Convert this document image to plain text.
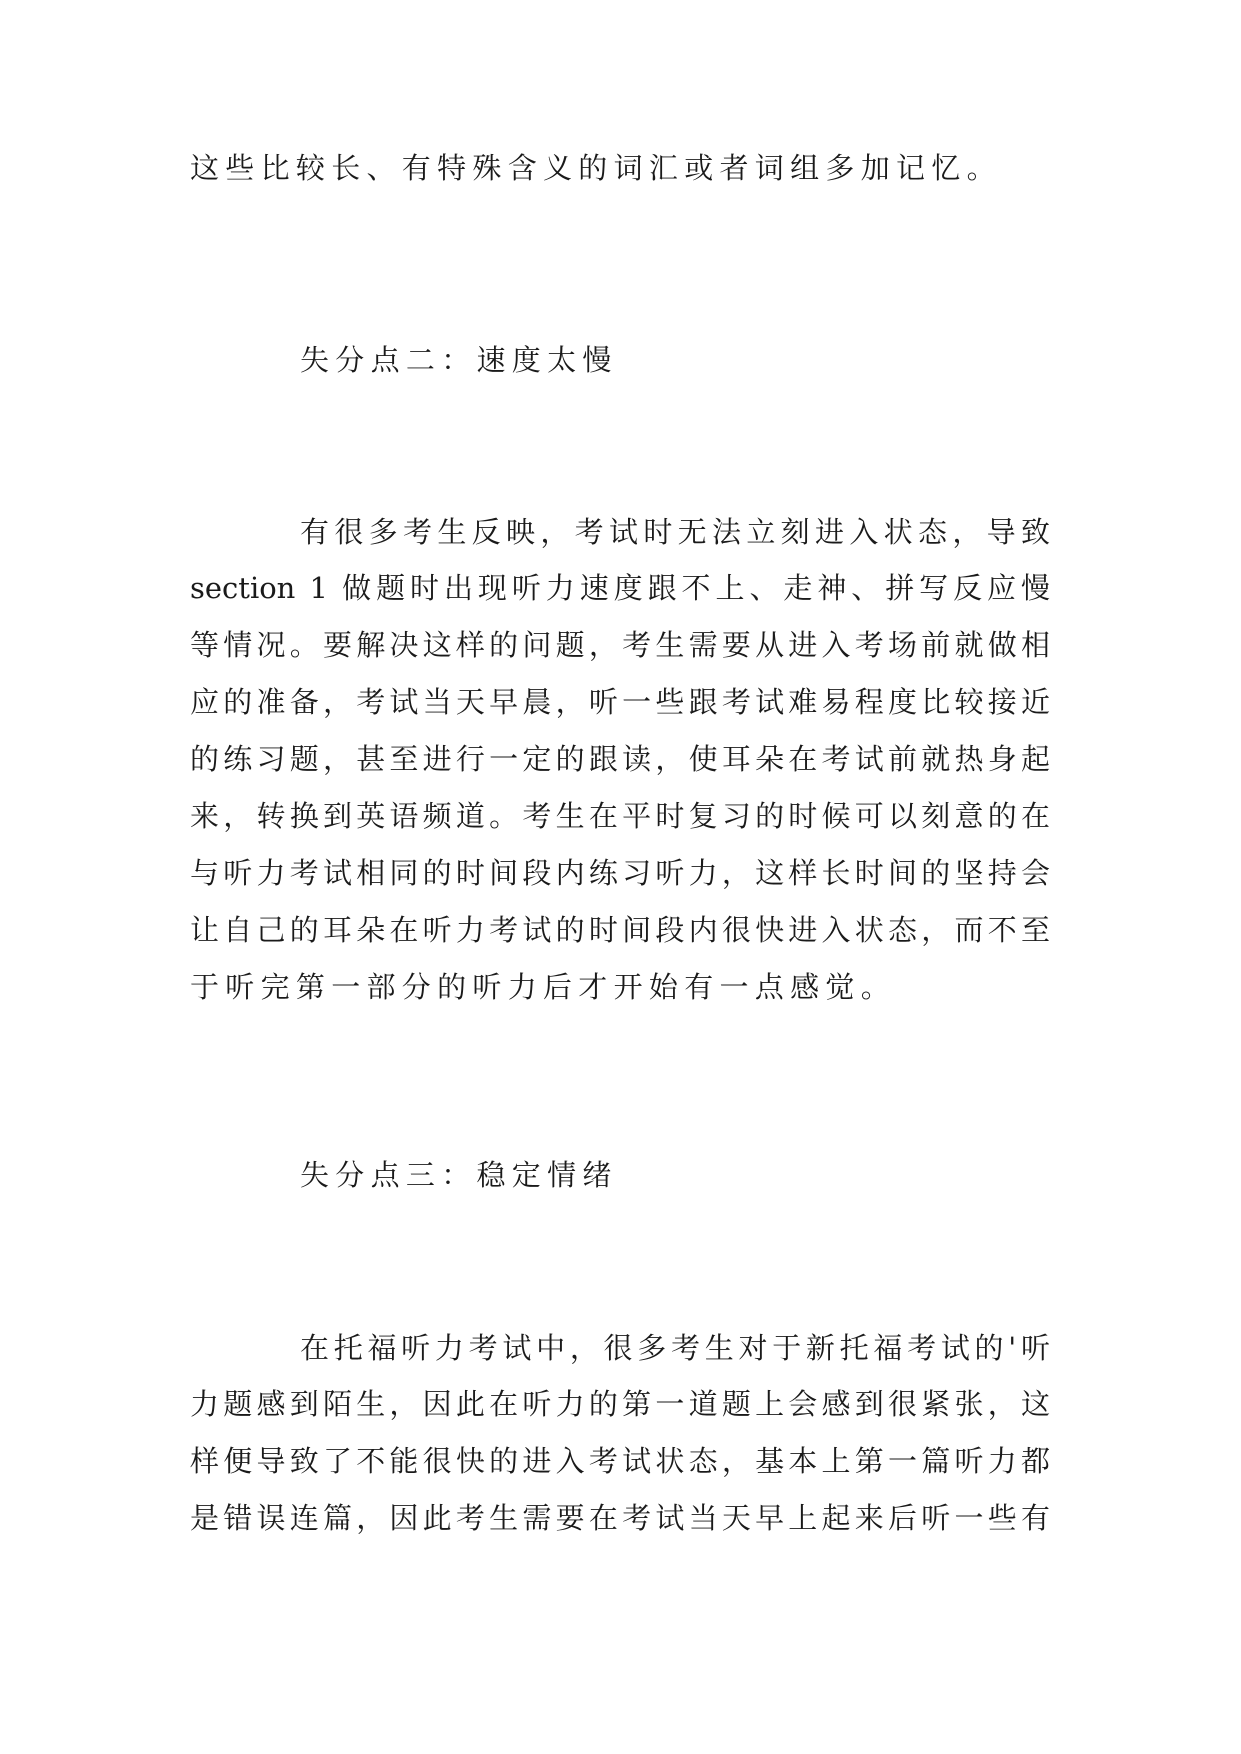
这些比较长、有特殊含义的词汇或者词组多加记忆。
失分点二：速度太慢
有很多考生反映，考试时无法立刻进入状态，导致
section 1 做题时出现听力速度跟不上、走神、拼写反应慢
等情况。要解决这样的问题，考生需要从进入考场前就做相
应的准备，考试当天早晨，听一些跟考试难易程度比较接近
的练习题，甚至进行一定的跟读，使耳朵在考试前就热身起
来，转换到英语频道。考生在平时复习的时候可以刻意的在
与听力考试相同的时间段内练习听力，这样长时间的坚持会
让自己的耳朵在听力考试的时间段内很快进入状态，而不至
于听完第一部分的听力后才开始有一点感觉。
失分点三：稳定情绪
在托福听力考试中，很多考生对于新托福考试的'听
力题感到陌生，因此在听力的第一道题上会感到很紧张，这
样便导致了不能很快的进入考试状态，基本上第一篇听力都
是错误连篇，因此考生需要在考试当天早上起来后听一些有
